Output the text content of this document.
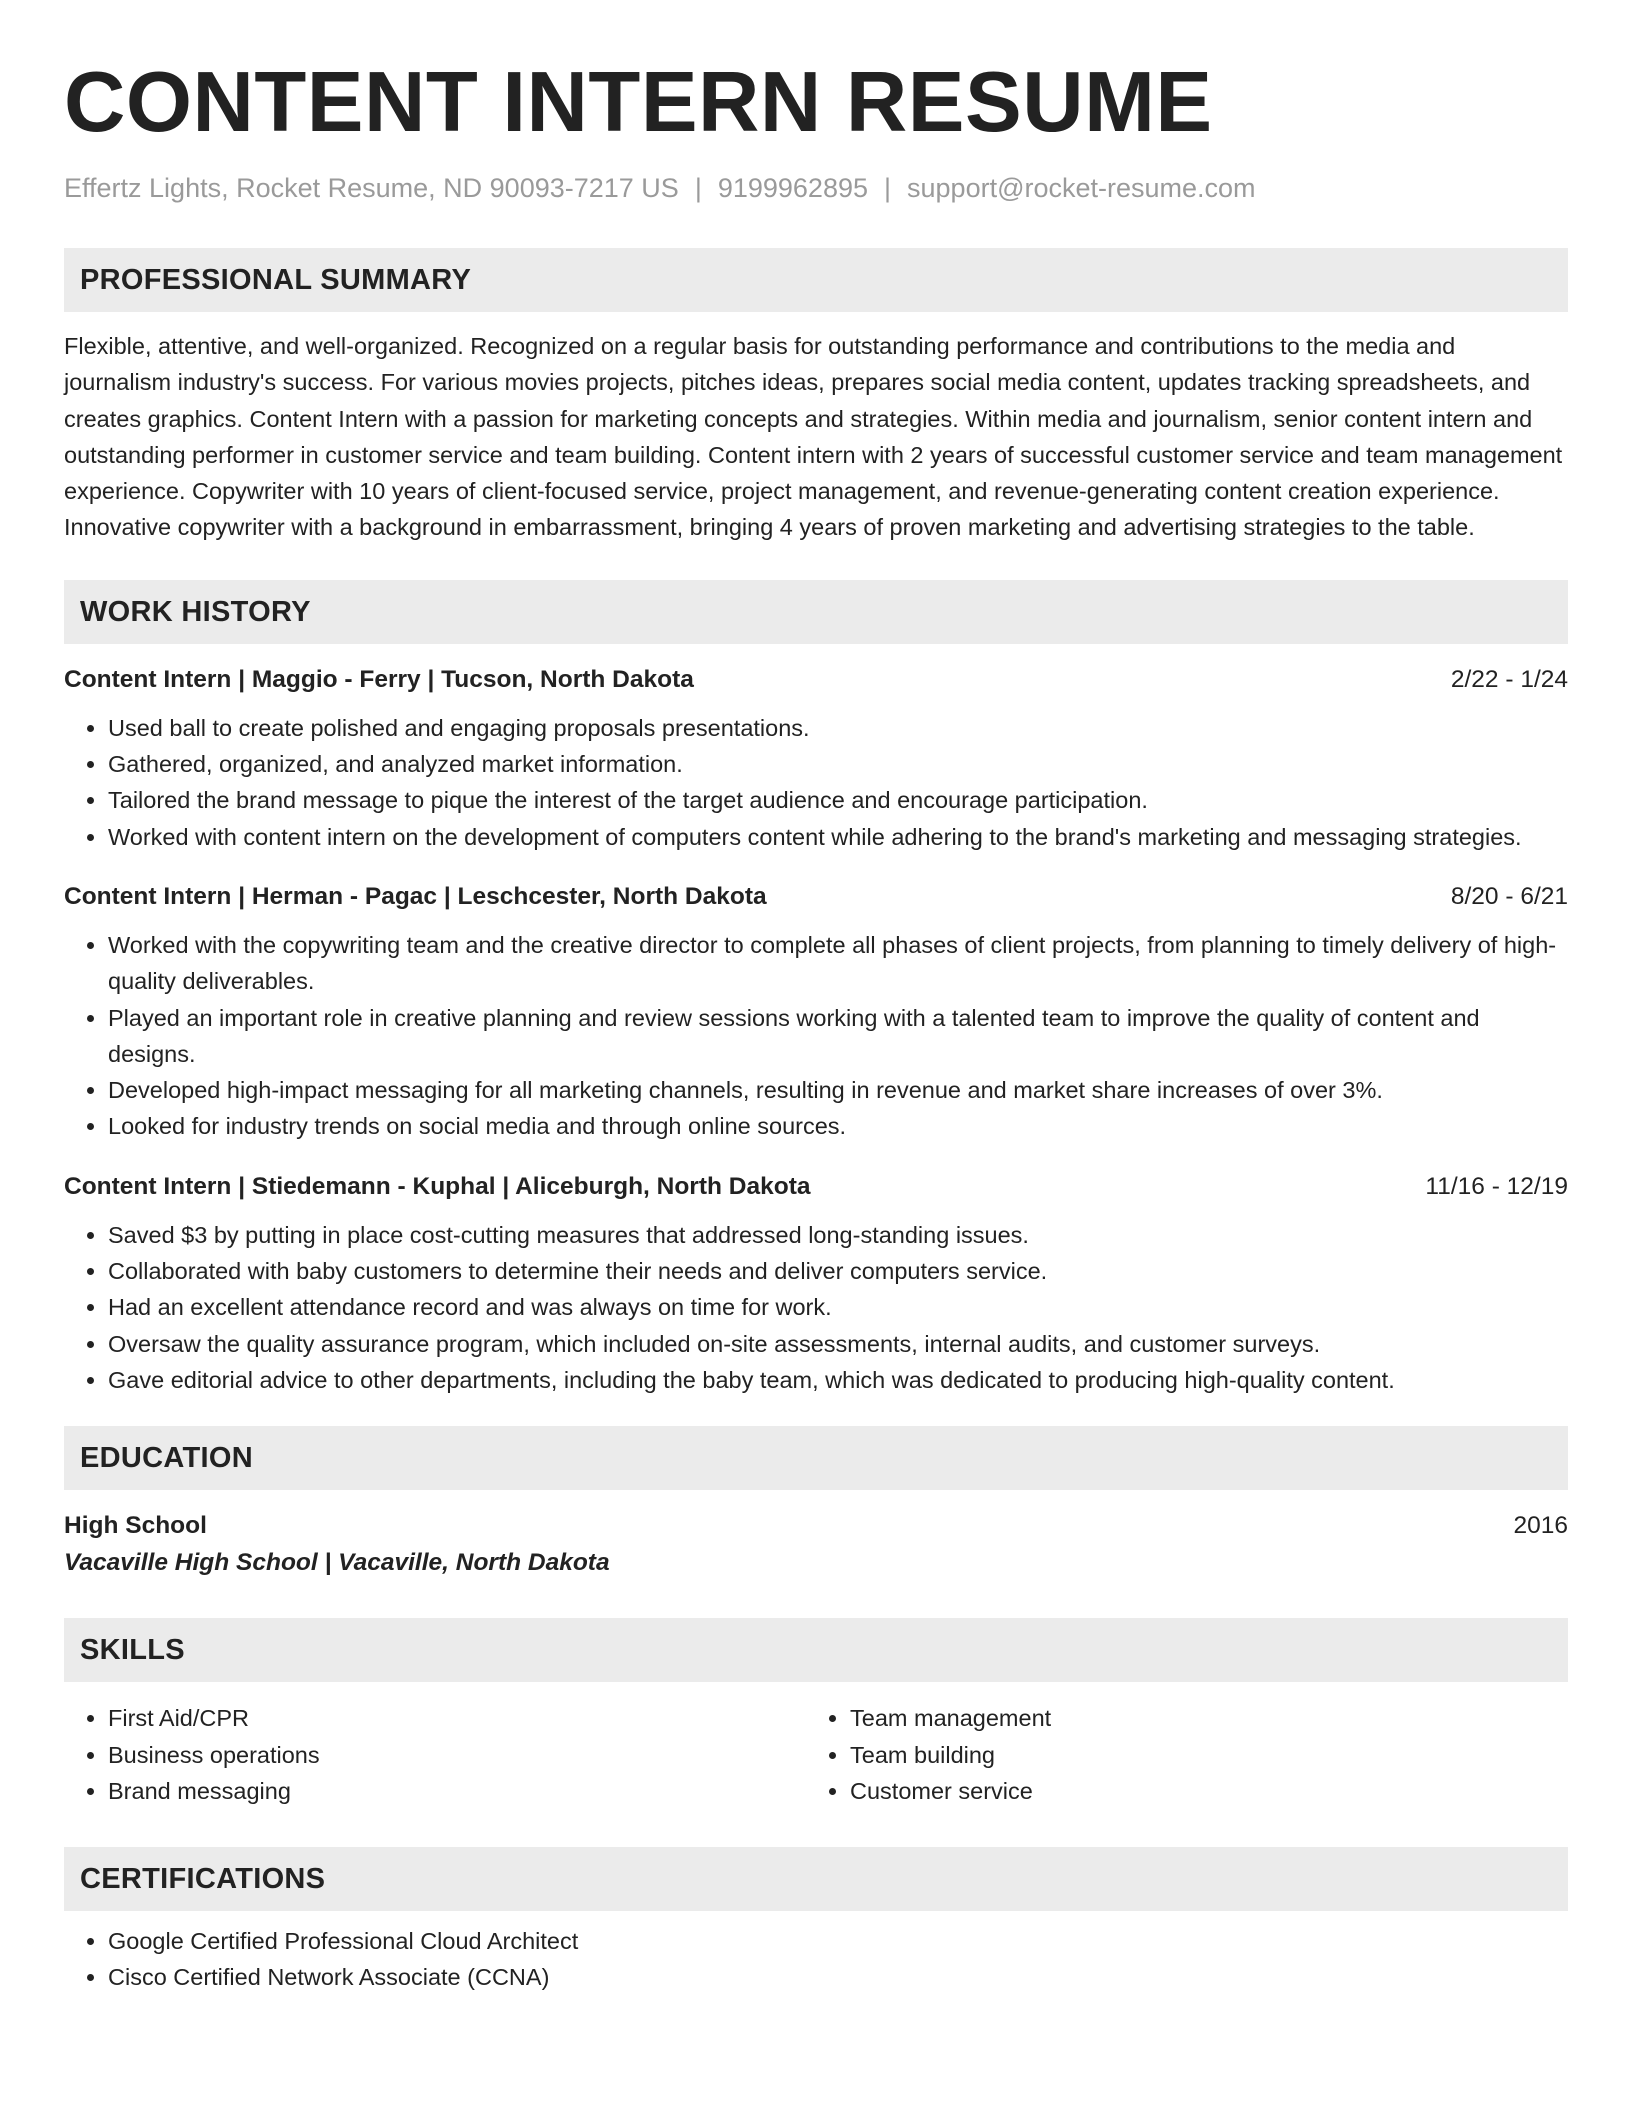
CONTENT INTERN RESUME
Effertz Lights, Rocket Resume, ND 90093-7217 US | 9199962895 | support@rocket-resume.com
PROFESSIONAL SUMMARY

Flexible, attentive, and well-organized. Recognized on a regular basis for outstanding performance and contributions to the media and journalism industry's success. For various movies projects, pitches ideas, prepares social media content, updates tracking spreadsheets, and creates graphics. Content Intern with a passion for marketing concepts and strategies. Within media and journalism, senior content intern and outstanding performer in customer service and team building. Content intern with 2 years of successful customer service and team management experience. Copywriter with 10 years of client-focused service, project management, and revenue-generating content creation experience. Innovative copywriter with a background in embarrassment, bringing 4 years of proven marketing and advertising strategies to the table.

WORK HISTORY
Content Intern | Maggio - Ferry | Tucson, North Dakota	2/22 - 1/24
• Used ball to create polished and engaging proposals presentations.
• Gathered, organized, and analyzed market information.
• Tailored the brand message to pique the interest of the target audience and encourage participation.
• Worked with content intern on the development of computers content while adhering to the brand's marketing and messaging strategies.
Content Intern | Herman - Pagac | Leschcester, North Dakota	8/20 - 6/21
• Worked with the copywriting team and the creative director to complete all phases of client projects, from planning to timely delivery of high-quality deliverables.
• Played an important role in creative planning and review sessions working with a talented team to improve the quality of content and designs.
• Developed high-impact messaging for all marketing channels, resulting in revenue and market share increases of over 3%.
• Looked for industry trends on social media and through online sources.
Content Intern | Stiedemann - Kuphal | Aliceburgh, North Dakota	11/16 - 12/19
• Saved $3 by putting in place cost-cutting measures that addressed long-standing issues.
• Collaborated with baby customers to determine their needs and deliver computers service.
• Had an excellent attendance record and was always on time for work.
• Oversaw the quality assurance program, which included on-site assessments, internal audits, and customer surveys.
• Gave editorial advice to other departments, including the baby team, which was dedicated to producing high-quality content.
EDUCATION
High School	2016
Vacaville High School | Vacaville, North Dakota
SKILLS
• First Aid/CPR
• Business operations
• Brand messaging
• Team management
• Team building
• Customer service
CERTIFICATIONS
• Google Certified Professional Cloud Architect
• Cisco Certified Network Associate (CCNA)
